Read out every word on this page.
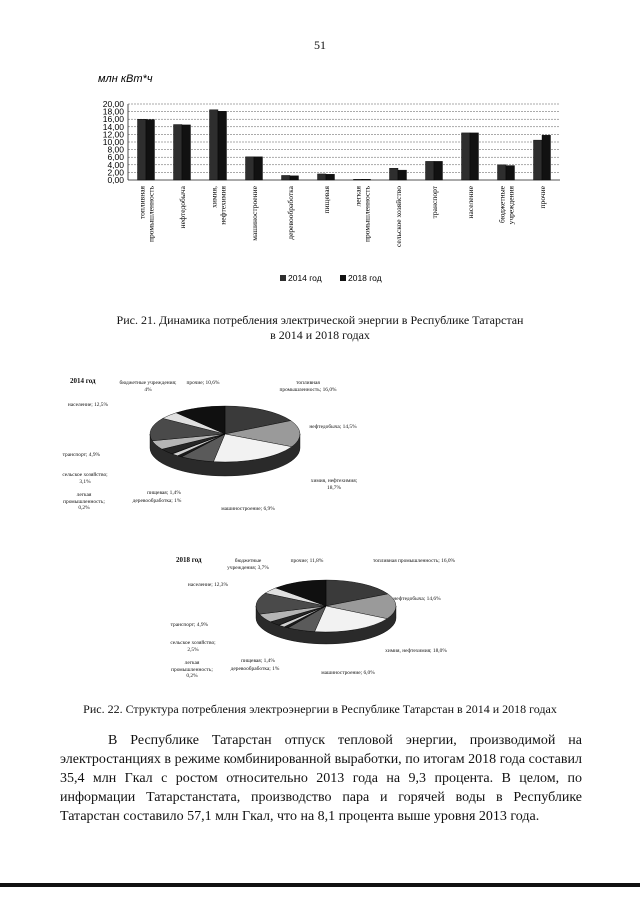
51
млн кВт*ч
0,00
2,00
4,00
6,00
8,00
10,00
12,00
14,00
16,00
18,00
20,00
топливная промышленность	нефтедобыча	химия, нефтехимия	машиностроение	деревообработка	пищевая	легкая промышленность	сельское хозяйство	транспорт	население	бюджетные учреждения	прочие
2014 год	2018 год
Рис. 21. Динамика потребления электрической энергии в Республике Татарстан
в 2014 и 2018 годах
2014 год	топливная промышленность; 16,0%
нефтедобыча; 14,5%
химия, нефтехимия; 18,7%
машиностроение; 6,9%
деревообработка; 1%
пищевая; 1,4%
легкая промышленность; 0,2%
сельское хозяйство; 3,1%
транспорт; 4,9%
население; 12,5%
бюджетные учреждения; 4%
прочие; 10,6%
2018 год	топливная промышленность; 16,0%
нефтедобыча; 14,6%
химия, нефтехимия; 18,0%
машиностроение; 6,0%
деревообработка; 1%
пищевая; 1,4%
легкая промышленность; 0,2%
сельское хозяйство; 2,5%
транспорт; 4,9%
население; 12,3%
бюджетные учреждения; 3,7%
прочие; 11,8%
Рис. 22. Структура потребления электроэнергии в Республике Татарстан в 2014 и 2018 годах

В Республике Татарстан отпуск тепловой энергии, производимой на электростанциях в режиме комбинированной выработки, по итогам 2018 года составил 35,4 млн Гкал с ростом относительно 2013 года на 9,3 процента. В целом, по информации Татарстанстата, производство пара и горячей воды в Республике Татарстан составило 57,1 млн Гкал, что на 8,1 процента выше уровня 2013 года.
